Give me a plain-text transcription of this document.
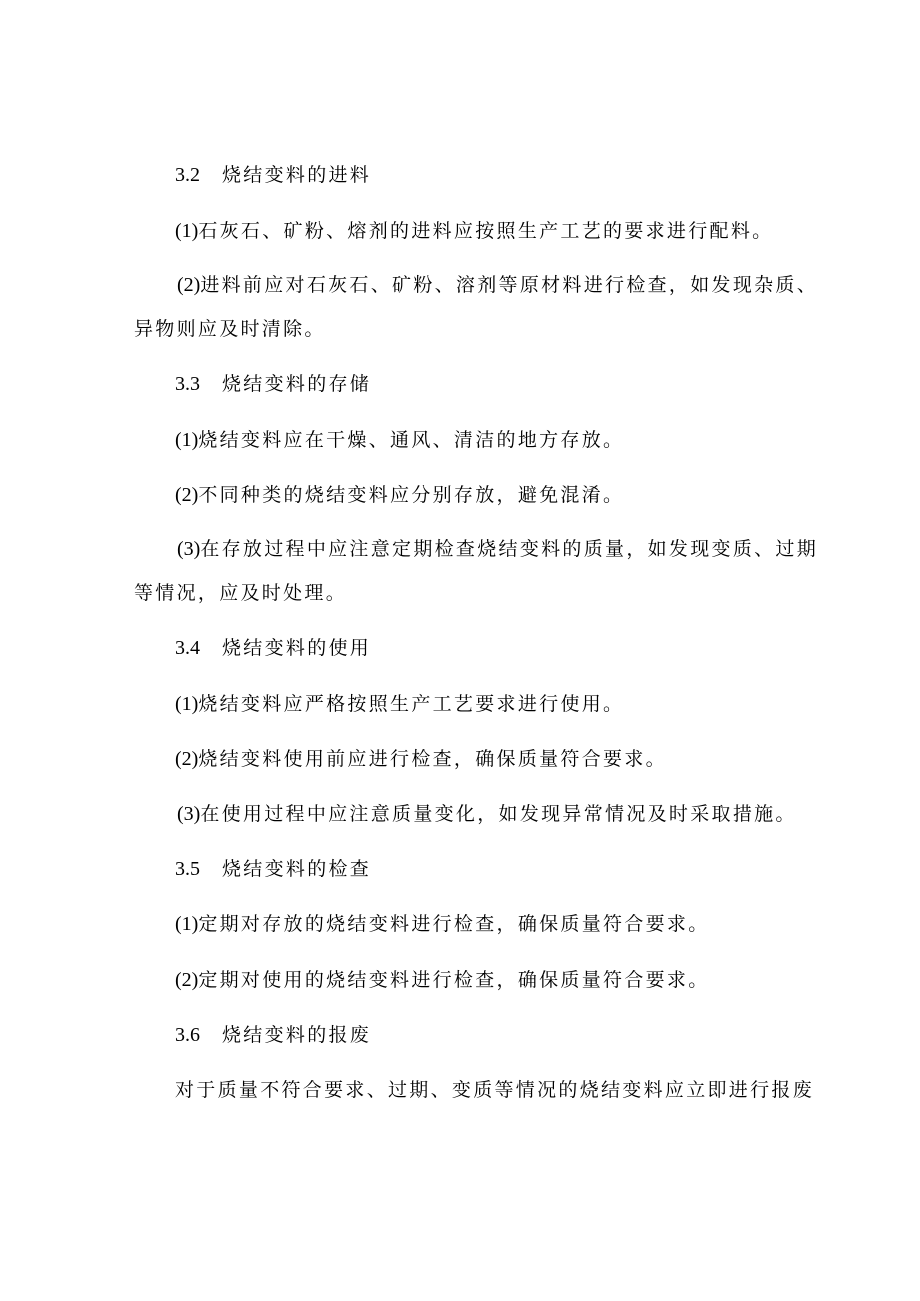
3.2 烧结变料的进料
(1)石灰石、矿粉、熔剂的进料应按照生产工艺的要求进行配料。
(2)进料前应对石灰石、矿粉、溶剂等原材料进行检查，如发现杂质、
异物则应及时清除。
3.3 烧结变料的存储
(1)烧结变料应在干燥、通风、清洁的地方存放。
(2)不同种类的烧结变料应分别存放，避免混淆。
(3)在存放过程中应注意定期检查烧结变料的质量，如发现变质、过期
等情况，应及时处理。
3.4 烧结变料的使用
(1)烧结变料应严格按照生产工艺要求进行使用。
(2)烧结变料使用前应进行检查，确保质量符合要求。
(3)在使用过程中应注意质量变化，如发现异常情况及时采取措施。
3.5 烧结变料的检查
(1)定期对存放的烧结变料进行检查，确保质量符合要求。
(2)定期对使用的烧结变料进行检查，确保质量符合要求。
3.6 烧结变料的报废
对于质量不符合要求、过期、变质等情况的烧结变料应立即进行报废
